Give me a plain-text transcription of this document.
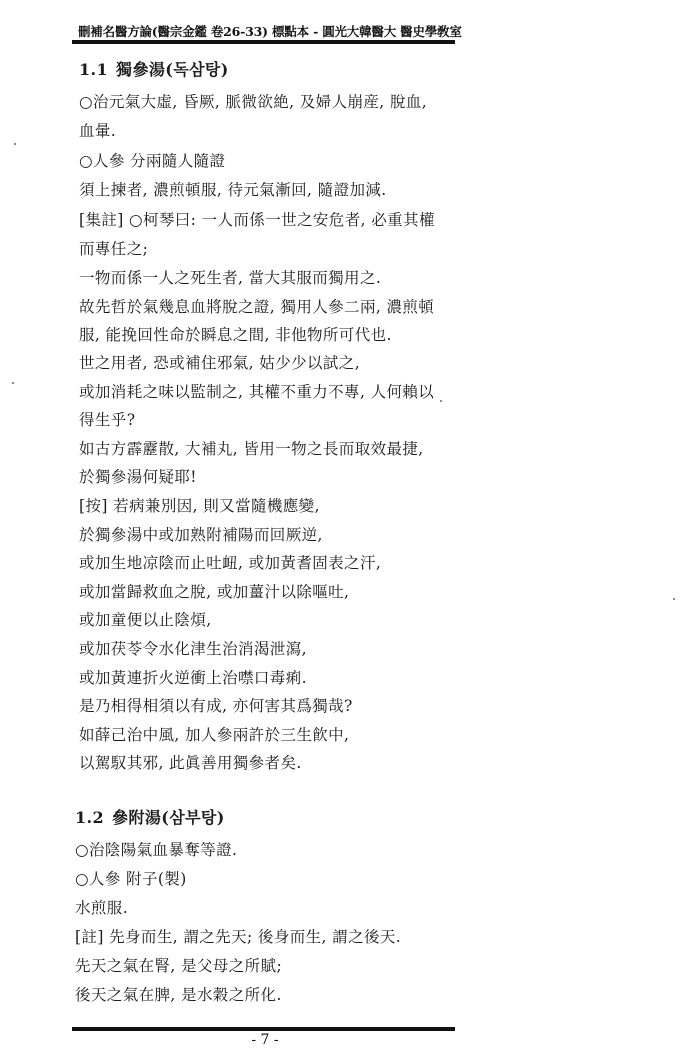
刪補名醫方論(醫宗金鑑 卷26-33) 標點本 - 圓光大韓醫大 醫史學敎室
1.1 獨參湯(독삼탕)
○治元氣大虛, 昏厥, 脈微欲絶, 及婦人崩産, 脫血,
血暈.
○人參 分兩隨人隨證
須上揀者, 濃煎頓服, 待元氣漸回, 隨證加減.
[集註] ○柯琴曰: 一人而係一世之安危者, 必重其權
而專任之;
一物而係一人之死生者, 當大其服而獨用之.
故先哲於氣幾息血將脫之證, 獨用人參二兩, 濃煎頓
服, 能挽回性命於瞬息之間, 非他物所可代也.
世之用者, 恐或補住邪氣, 姑少少以試之,
或加消耗之味以監制之, 其權不重力不專, 人何賴以
得生乎?
如古方霹靂散, 大補丸, 皆用一物之長而取效最捷,
於獨參湯何疑耶!
[按] 若病兼別因, 則又當隨機應變,
於獨參湯中或加熟附補陽而回厥逆,
或加生地凉陰而止吐衄, 或加黃耆固表之汗,
或加當歸救血之脫, 或加薑汁以除嘔吐,
或加童便以止陰煩,
或加茯苓令水化津生治消渴泄瀉,
或加黃連折火逆衝上治噤口毒痢.
是乃相得相須以有成, 亦何害其爲獨哉?
如薛己治中風, 加人參兩許於三生飮中,
以駕馭其邪, 此眞善用獨參者矣.
1.2 參附湯(삼부탕)
○治陰陽氣血暴奪等證.
○人參 附子(製)
水煎服.
[註] 先身而生, 謂之先天; 後身而生, 謂之後天.
先天之氣在腎, 是父母之所賦;
後天之氣在脾, 是水穀之所化.
- 7 -
